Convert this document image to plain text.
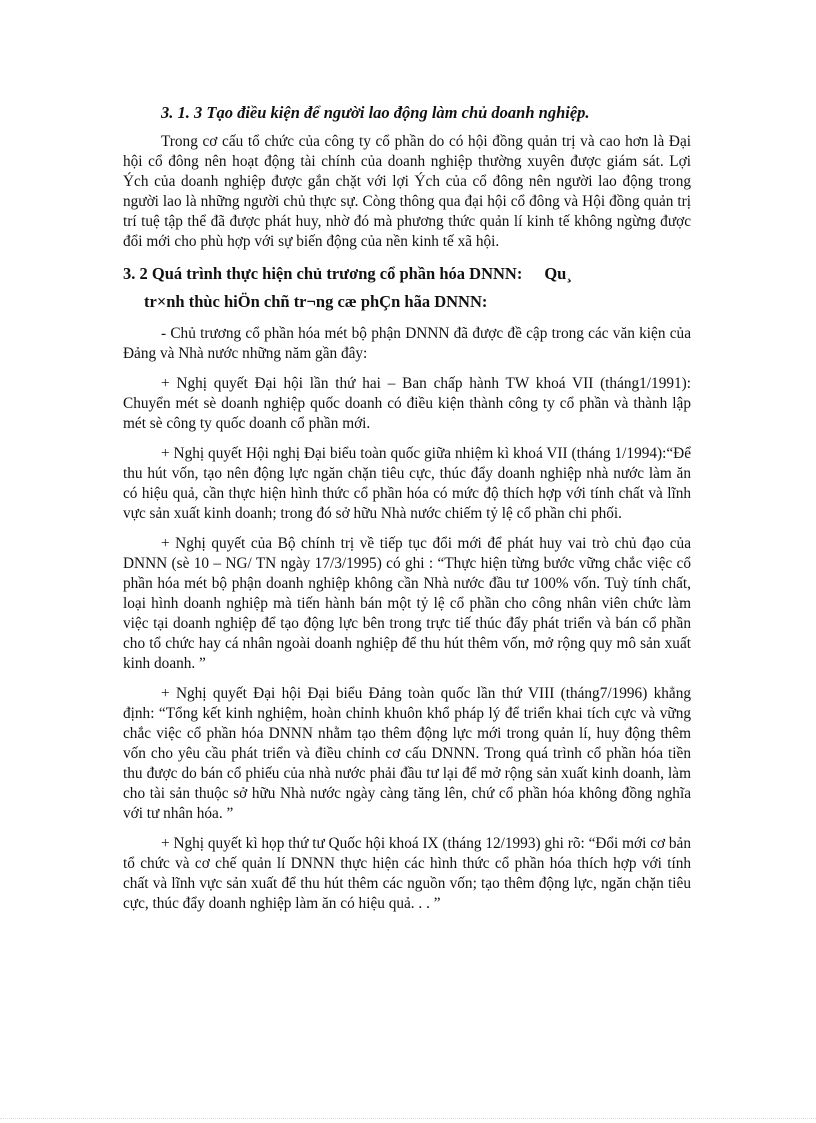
3. 1. 3 Tạo điều kiện để người lao động làm chủ doanh nghiệp.

Trong cơ cấu tổ chức của công ty cổ phần do có hội đồng quản trị và cao hơn là Đại hội cổ đông nên hoạt động tài chính của doanh nghiệp thường xuyên được giám sát. Lợi Ých của doanh nghiệp được gắn chặt với lợi Ých của cổ đông nên người lao động trong người lao là những người chủ thực sự. Còng thông qua đại hội cổ đông và Hội đồng quản trị trí tuệ tập thể đã được phát huy, nhờ đó mà phương thức quản lí kinh tế không ngừng được đổi mới cho phù hợp với sự biến động của nền kinh tế xã hội.

3. 2 Quá trình thực hiện chủ trương cổ phần hóa DNNN: Qu¸
tr×nh thùc hiÖn chñ tr¬ng cæ phÇn hãa DNNN:

- Chủ trương cổ phần hóa mét bộ phận DNNN đã được đề cập trong các văn kiện của Đảng và Nhà nước những năm gần đây:

+ Nghị quyết Đại hội lần thứ hai – Ban chấp hành TW khoá VII (tháng1/1991): Chuyển mét sè doanh nghiệp quốc doanh có điều kiện thành công ty cổ phần và thành lập mét sè công ty quốc doanh cổ phần mới.

+ Nghị quyết Hội nghị Đại biểu toàn quốc giữa nhiệm kì khoá VII (tháng 1/1994):“Để thu hút vốn, tạo nên động lực ngăn chặn tiêu cực, thúc đẩy doanh nghiệp nhà nước làm ăn có hiệu quả, cần thực hiện hình thức cổ phần hóa có mức độ thích hợp với tính chất và lĩnh vực sản xuất kinh doanh; trong đó sở hữu Nhà nước chiếm tỷ lệ cổ phần chi phối.

+ Nghị quyết của Bộ chính trị về tiếp tục đổi mới để phát huy vai trò chủ đạo của DNNN (sè 10 – NG/ TN ngày 17/3/1995) có ghi : “Thực hiện từng bước vững chắc việc cổ phần hóa mét bộ phận doanh nghiệp không cần Nhà nước đầu tư 100% vốn. Tuỳ tính chất, loại hình doanh nghiệp mà tiến hành bán một tỷ lệ cổ phần cho công nhân viên chức làm việc tại doanh nghiệp để tạo động lực bên trong trực tiế thúc đẩy phát triển và bán cổ phần cho tổ chức hay cá nhân ngoài doanh nghiệp để thu hút thêm vốn, mở rộng quy mô sản xuất kinh doanh. ”

+ Nghị quyết Đại hội Đại biểu Đảng toàn quốc lần thứ VIII (tháng7/1996) khẳng định: “Tổng kết kinh nghiệm, hoàn chỉnh khuôn khổ pháp lý để triển khai tích cực và vững chắc việc cổ phần hóa DNNN nhằm tạo thêm động lực mới trong quản lí, huy động thêm vốn cho yêu cầu phát triển và điều chỉnh cơ cấu DNNN. Trong quá trình cổ phần hóa tiền thu được do bán cổ phiếu của nhà nước phải đầu tư lại để mở rộng sản xuất kinh doanh, làm cho tài sản thuộc sở hữu Nhà nước ngày càng tăng lên, chứ cổ phần hóa không đồng nghĩa với tư nhân hóa. ”

+ Nghị quyết kì họp thứ tư Quốc hội khoá IX (tháng 12/1993) ghi rõ: “Đổi mới cơ bản tổ chức và cơ chế quản lí DNNN thực hiện các hình thức cổ phần hóa thích hợp với tính chất và lĩnh vực sản xuất để thu hút thêm các nguồn vốn; tạo thêm động lực, ngăn chặn tiêu cực, thúc đẩy doanh nghiệp làm ăn có hiệu quả. . . ”
